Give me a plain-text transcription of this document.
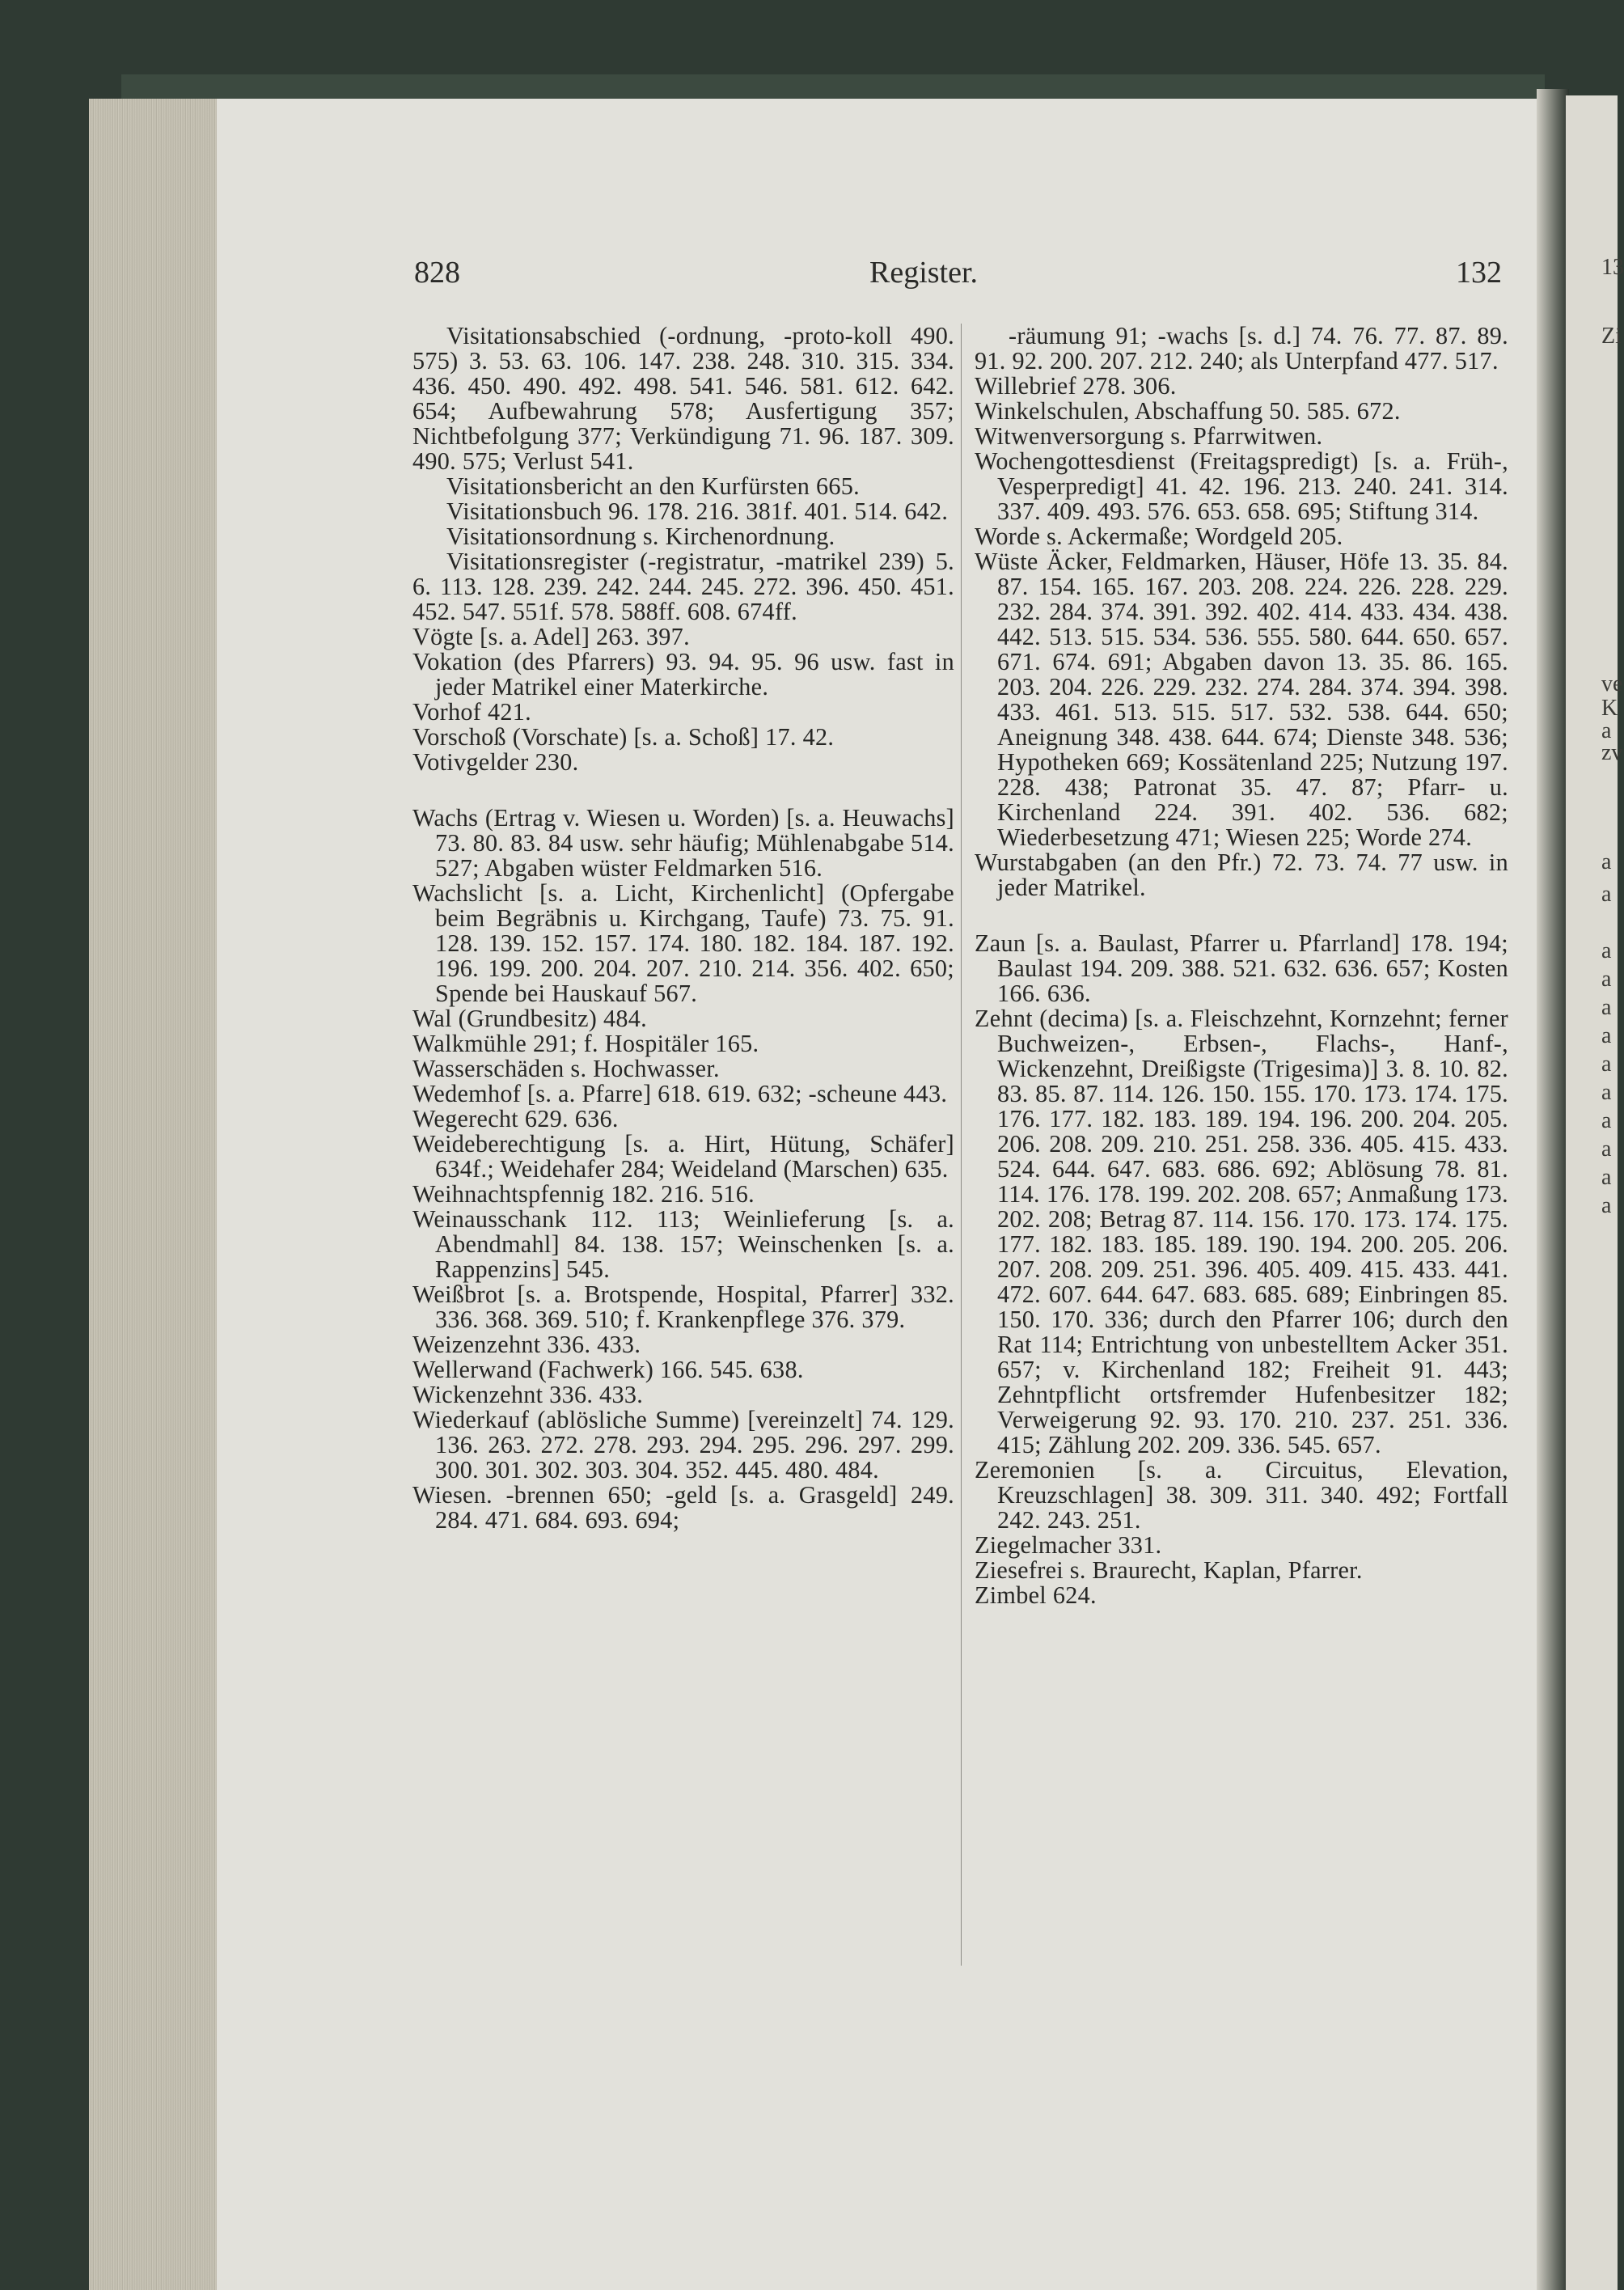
13
Zi
ve
K
a
zv
a
a
a
a
a
a
a
a
a
a
a
a
828	Register.	132

Visitationsabschied (-ordnung, -proto-koll 490. 575) 3. 53. 63. 106. 147. 238. 248. 310. 315. 334. 436. 450. 490. 492. 498. 541. 546. 581. 612. 642. 654; Aufbewahrung 578; Ausfertigung 357; Nichtbefolgung 377; Verkündigung 71. 96. 187. 309. 490. 575; Verlust 541.

Visitationsbericht an den Kurfürsten 665.

Visitationsbuch 96. 178. 216. 381f. 401. 514. 642.

Visitationsordnung s. Kirchenordnung.

Visitationsregister (-registratur, -matrikel 239) 5. 6. 113. 128. 239. 242. 244. 245. 272. 396. 450. 451. 452. 547. 551f. 578. 588ff. 608. 674ff.

Vögte [s. a. Adel] 263. 397.

Vokation (des Pfarrers) 93. 94. 95. 96 usw. fast in jeder Matrikel einer Materkirche.

Vorhof 421.

Vorschoß (Vorschate) [s. a. Schoß] 17. 42.

Votivgelder 230.

Wachs (Ertrag v. Wiesen u. Worden) [s. a. Heuwachs] 73. 80. 83. 84 usw. sehr häufig; Mühlenabgabe 514. 527; Abgaben wüster Feldmarken 516.

Wachslicht [s. a. Licht, Kirchenlicht] (Opfergabe beim Begräbnis u. Kirchgang, Taufe) 73. 75. 91. 128. 139. 152. 157. 174. 180. 182. 184. 187. 192. 196. 199. 200. 204. 207. 210. 214. 356. 402. 650; Spende bei Hauskauf 567.

Wal (Grundbesitz) 484.

Walkmühle 291; f. Hospitäler 165.

Wasserschäden s. Hochwasser.

Wedemhof [s. a. Pfarre] 618. 619. 632; -scheune 443.

Wegerecht 629. 636.

Weideberechtigung [s. a. Hirt, Hütung, Schäfer] 634f.; Weidehafer 284; Weideland (Marschen) 635.

Weihnachtspfennig 182. 216. 516.

Weinausschank 112. 113; Weinlieferung [s. a. Abendmahl] 84. 138. 157; Weinschenken [s. a. Rappenzins] 545.

Weißbrot [s. a. Brotspende, Hospital, Pfarrer] 332. 336. 368. 369. 510; f. Krankenpflege 376. 379.

Weizenzehnt 336. 433.

Wellerwand (Fachwerk) 166. 545. 638.

Wickenzehnt 336. 433.

Wiederkauf (ablösliche Summe) [vereinzelt] 74. 129. 136. 263. 272. 278. 293. 294. 295. 296. 297. 299. 300. 301. 302. 303. 304. 352. 445. 480. 484.

Wiesen. -brennen 650; -geld [s. a. Grasgeld] 249. 284. 471. 684. 693. 694;

-räumung 91; -wachs [s. d.] 74. 76. 77. 87. 89. 91. 92. 200. 207. 212. 240; als Unterpfand 477. 517.

Willebrief 278. 306.

Winkelschulen, Abschaffung 50. 585. 672.

Witwenversorgung s. Pfarrwitwen.

Wochengottesdienst (Freitagspredigt) [s. a. Früh-, Vesperpredigt] 41. 42. 196. 213. 240. 241. 314. 337. 409. 493. 576. 653. 658. 695; Stiftung 314.

Worde s. Ackermaße; Wordgeld 205.

Wüste Äcker, Feldmarken, Häuser, Höfe 13. 35. 84. 87. 154. 165. 167. 203. 208. 224. 226. 228. 229. 232. 284. 374. 391. 392. 402. 414. 433. 434. 438. 442. 513. 515. 534. 536. 555. 580. 644. 650. 657. 671. 674. 691; Abgaben davon 13. 35. 86. 165. 203. 204. 226. 229. 232. 274. 284. 374. 394. 398. 433. 461. 513. 515. 517. 532. 538. 644. 650; Aneignung 348. 438. 644. 674; Dienste 348. 536; Hypotheken 669; Kossätenland 225; Nutzung 197. 228. 438; Patronat 35. 47. 87; Pfarr- u. Kirchenland 224. 391. 402. 536. 682; Wiederbesetzung 471; Wiesen 225; Worde 274.

Wurstabgaben (an den Pfr.) 72. 73. 74. 77 usw. in jeder Matrikel.

Zaun [s. a. Baulast, Pfarrer u. Pfarrland] 178. 194; Baulast 194. 209. 388. 521. 632. 636. 657; Kosten 166. 636.

Zehnt (decima) [s. a. Fleischzehnt, Kornzehnt; ferner Buchweizen-, Erbsen-, Flachs-, Hanf-, Wickenzehnt, Dreißigste (Trigesima)] 3. 8. 10. 82. 83. 85. 87. 114. 126. 150. 155. 170. 173. 174. 175. 176. 177. 182. 183. 189. 194. 196. 200. 204. 205. 206. 208. 209. 210. 251. 258. 336. 405. 415. 433. 524. 644. 647. 683. 686. 692; Ablösung 78. 81. 114. 176. 178. 199. 202. 208. 657; Anmaßung 173. 202. 208; Betrag 87. 114. 156. 170. 173. 174. 175. 177. 182. 183. 185. 189. 190. 194. 200. 205. 206. 207. 208. 209. 251. 396. 405. 409. 415. 433. 441. 472. 607. 644. 647. 683. 685. 689; Einbringen 85. 150. 170. 336; durch den Pfarrer 106; durch den Rat 114; Entrichtung von unbestelltem Acker 351. 657; v. Kirchenland 182; Freiheit 91. 443; Zehntpflicht ortsfremder Hufenbesitzer 182; Verweigerung 92. 93. 170. 210. 237. 251. 336. 415; Zählung 202. 209. 336. 545. 657.

Zeremonien [s. a. Circuitus, Elevation, Kreuzschlagen] 38. 309. 311. 340. 492; Fortfall 242. 243. 251.

Ziegelmacher 331.

Ziesefrei s. Braurecht, Kaplan, Pfarrer.

Zimbel 624.
